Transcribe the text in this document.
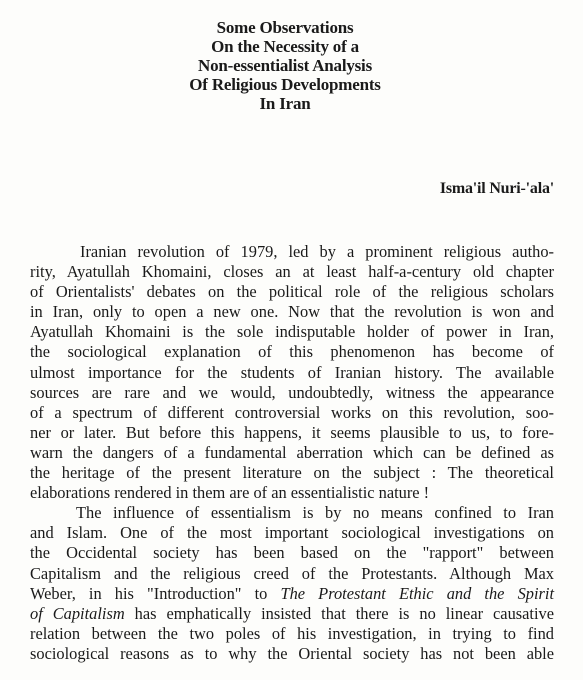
Some Observations
On the Necessity of a
Non-essentialist Analysis
Of Religious Developments
In Iran
Isma'il Nuri-'ala'
Iranian revolution of 1979, led by a prominent religious autho-
rity, Ayatullah Khomaini, closes an at least half-a-century old chapter
of Orientalists' debates on the political role of the religious scholars
in Iran, only to open a new one. Now that the revolution is won and
Ayatullah Khomaini is the sole indisputable holder of power in Iran,
the sociological explanation of this phenomenon has become of
ulmost importance for the students of Iranian history. The available
sources are rare and we would, undoubtedly, witness the appearance
of a spectrum of different controversial works on this revolution, soo-
ner or later. But before this happens, it seems plausible to us, to fore-
warn the dangers of a fundamental aberration which can be defined as
the heritage of the present literature on the subject : The theoretical
elaborations rendered in them are of an essentialistic nature !
The influence of essentialism is by no means confined to Iran
and Islam. One of the most important sociological investigations on
the Occidental society has been based on the "rapport" between
Capitalism and the religious creed of the Protestants. Although Max
Weber, in his "Introduction" to The Protestant Ethic and the Spirit
of Capitalism has emphatically insisted that there is no linear causative
relation between the two poles of his investigation, in trying to find
sociological reasons as to why the Oriental society has not been able
